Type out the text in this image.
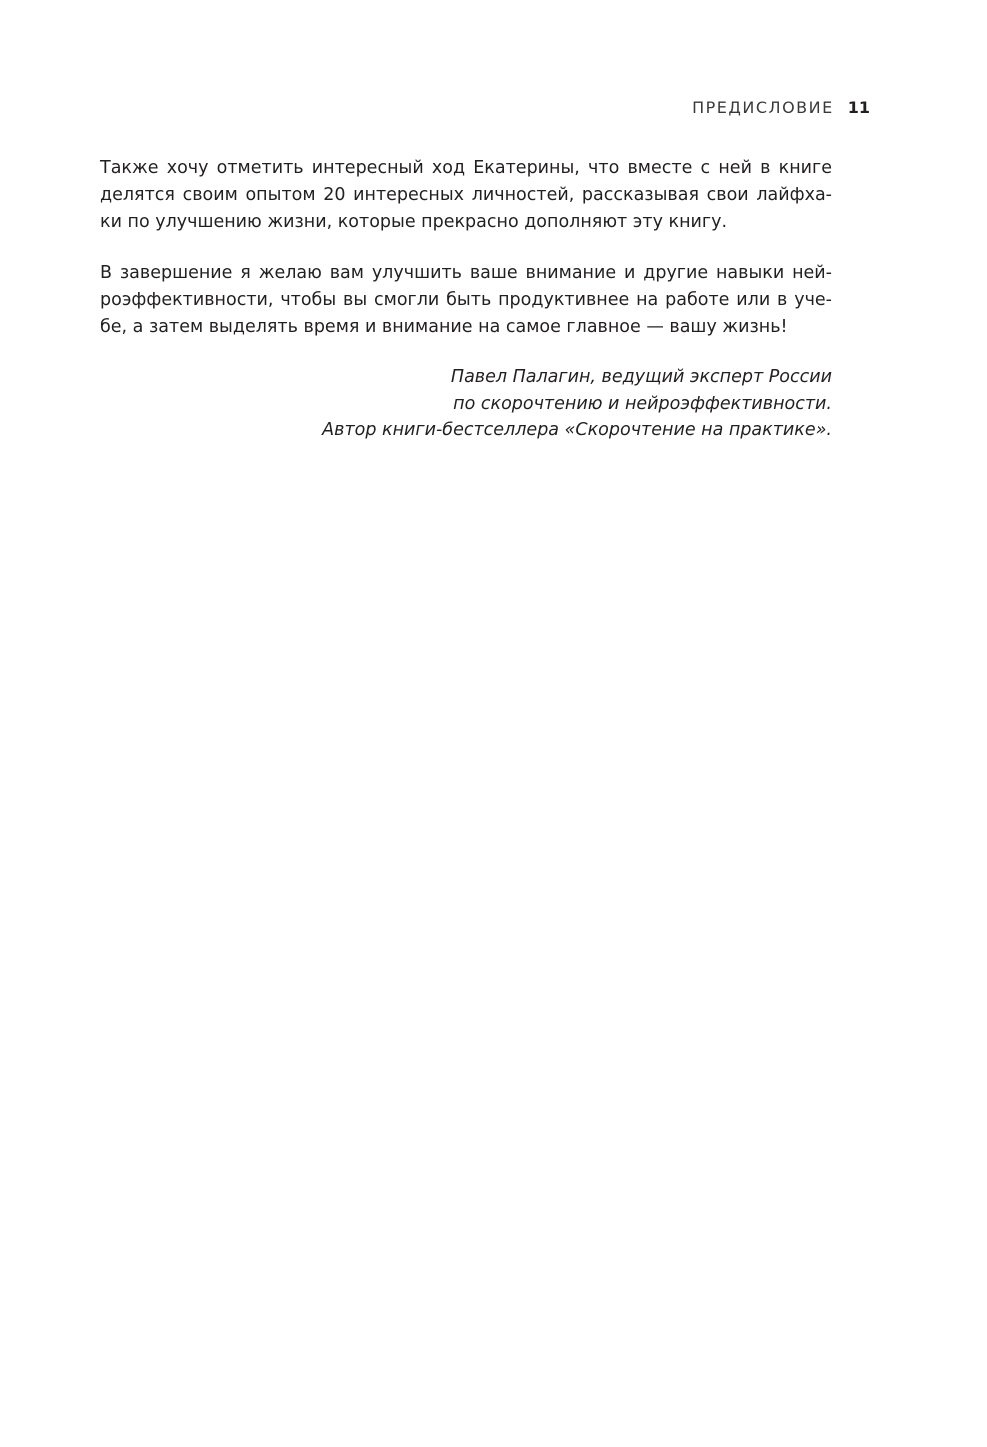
ПРЕДИСЛОВИЕ 11
Также хочу отметить интересный ход Екатерины, что вместе с ней в книге
делятся своим опытом 20 интересных личностей, рассказывая свои лайфха-
ки по улучшению жизни, которые прекрасно дополняют эту книгу.
В завершение я желаю вам улучшить ваше внимание и другие навыки ней-
роэффективности, чтобы вы смогли быть продуктивнее на работе или в уче-
бе, а затем выделять время и внимание на самое главное — вашу жизнь!
Павел Палагин, ведущий эксперт России
по скорочтению и нейроэффективности.
Автор книги-бестселлера «Скорочтение на практике».
